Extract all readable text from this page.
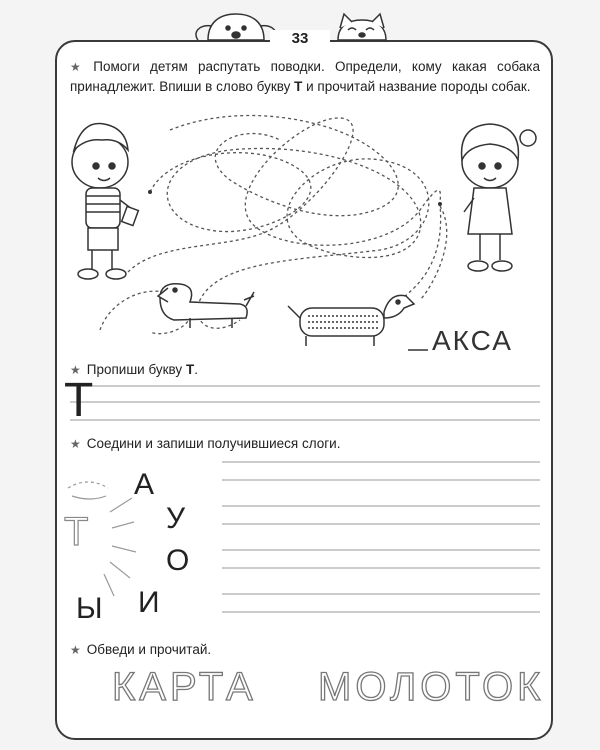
33
★ Помоги детям распутать поводки. Определи, кому какая собака принадлежит. Впиши в слово букву Т и прочитай название породы собак.
АКСА
★ Пропиши букву Т.
Т
★ Соедини и запиши получившиеся слоги.
Т
А
У
О
Ы И
★ Обведи и прочитай.
КАРТА МОЛОТОК
